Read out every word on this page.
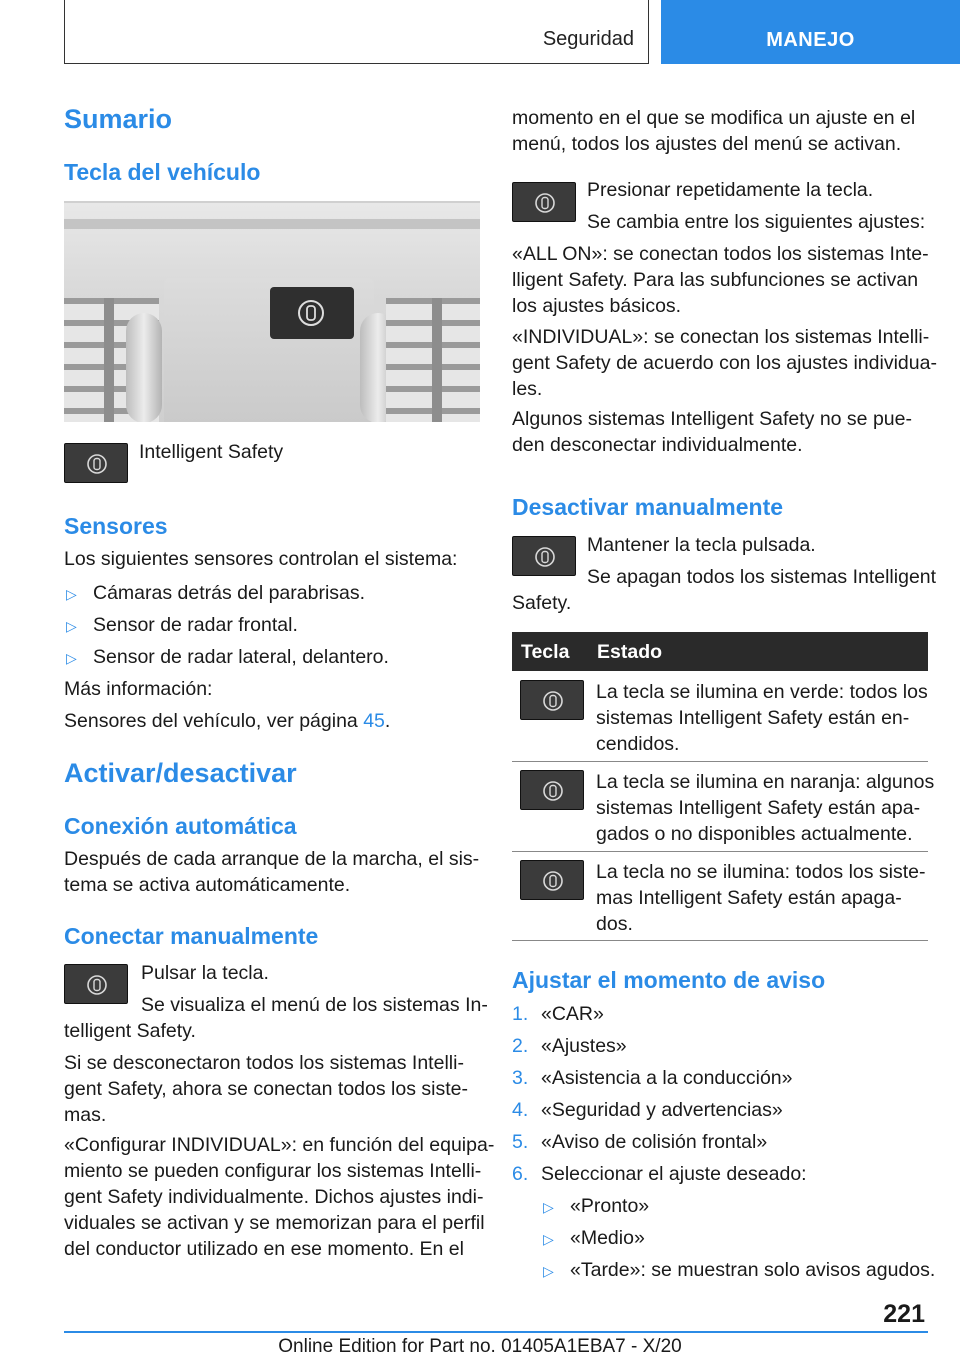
Seguridad	MANEJO
Sumario
Tecla del vehículo
Intelligent Safety
Sensores
Los siguientes sensores controlan el sistema:
▷ Cámaras detrás del parabrisas.
▷ Sensor de radar frontal.
▷ Sensor de radar lateral, delantero.
Más información:
Sensores del vehículo, ver página 45.
Activar/desactivar
Conexión automática
Después de cada arranque de la marcha, el sis-
tema se activa automáticamente.
Conectar manualmente
Pulsar la tecla.
Se visualiza el menú de los sistemas In-
telligent Safety.
Si se desconectaron todos los sistemas Intelli-
gent Safety, ahora se conectan todos los siste-
mas.
«Configurar INDIVIDUAL»: en función del equipa-
miento se pueden configurar los sistemas Intelli-
gent Safety individualmente. Dichos ajustes indi-
viduales se activan y se memorizan para el perfil
del conductor utilizado en ese momento. En el
momento en el que se modifica un ajuste en el
menú, todos los ajustes del menú se activan.
Presionar repetidamente la tecla.
Se cambia entre los siguientes ajustes:
«ALL ON»: se conectan todos los sistemas Inte-
lligent Safety. Para las subfunciones se activan
los ajustes básicos.
«INDIVIDUAL»: se conectan los sistemas Intelli-
gent Safety de acuerdo con los ajustes individua-
les.
Algunos sistemas Intelligent Safety no se pue-
den desconectar individualmente.
Desactivar manualmente
Mantener la tecla pulsada.
Se apagan todos los sistemas Intelligent
Safety.
Tecla Estado
La tecla se ilumina en verde: todos los
sistemas Intelligent Safety están en-
cendidos.
La tecla se ilumina en naranja: algunos
sistemas Intelligent Safety están apa-
gados o no disponibles actualmente.
La tecla no se ilumina: todos los siste-
mas Intelligent Safety están apaga-
dos.
Ajustar el momento de aviso
1. «CAR»
2. «Ajustes»
3. «Asistencia a la conducción»
4. «Seguridad y advertencias»
5. «Aviso de colisión frontal»
6. Seleccionar el ajuste deseado:
▷ «Pronto»
▷ «Medio»
▷ «Tarde»: se muestran solo avisos agudos.
221
Online Edition for Part no. 01405A1EBA7 - X/20
